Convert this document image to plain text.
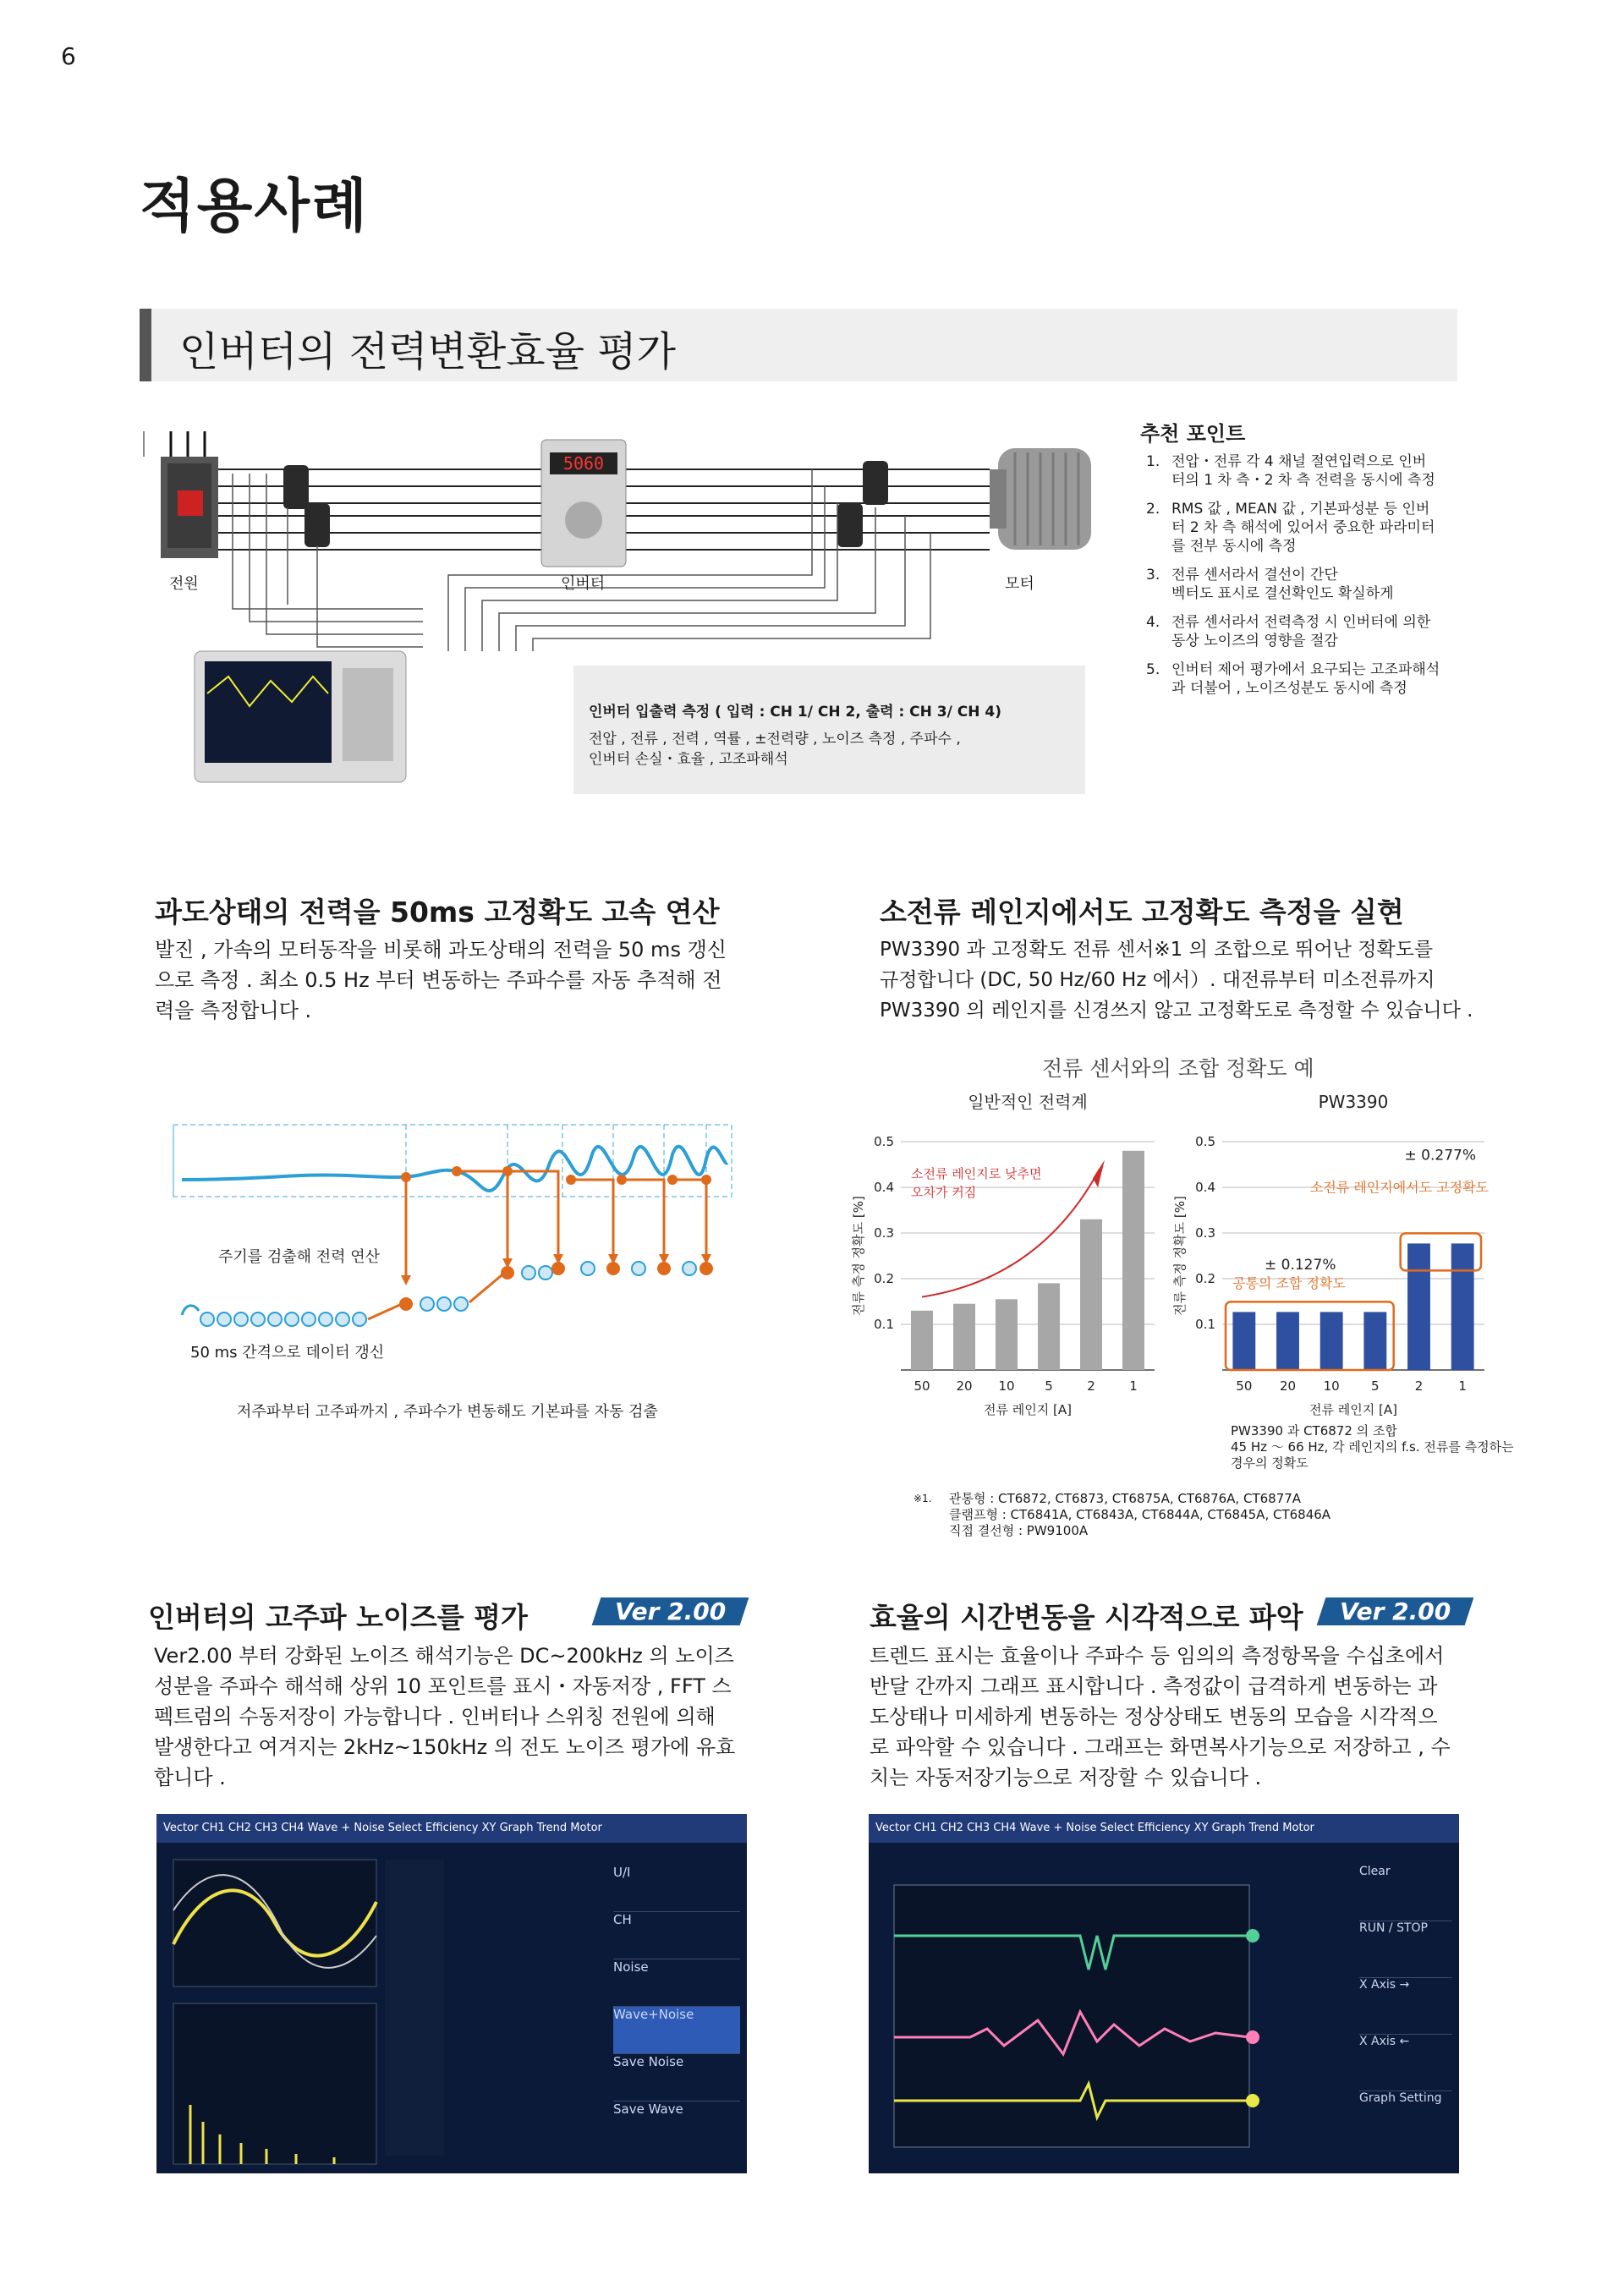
6
적용사례
인버터의 전력변환효율 평가
5060
전원	인버터	모터
인버터 입출력 측정 ( 입력 : CH 1/ CH 2, 출력 : CH 3/ CH 4)
전압 , 전류 , 전력 , 역률 , ±전력량 , 노이즈 측정 , 주파수 ,
인버터 손실・효율 , 고조파해석
추천 포인트
1. 전압・전류 각 4 채널 절연입력으로 인버
터의 1 차 측・2 차 측 전력을 동시에 측정
2. RMS 값 , MEAN 값 , 기본파성분 등 인버
터 2 차 측 해석에 있어서 중요한 파라미터
를 전부 동시에 측정
3. 전류 센서라서 결선이 간단
벡터도 표시로 결선확인도 확실하게
4. 전류 센서라서 전력측정 시 인버터에 의한
동상 노이즈의 영향을 절감
5. 인버터 제어 평가에서 요구되는 고조파해석
과 더불어 , 노이즈성분도 동시에 측정
과도상태의 전력을 50ms 고정확도 고속 연산
발진 , 가속의 모터동작을 비롯해 과도상태의 전력을 50 ms 갱신
으로 측정 . 최소 0.5 Hz 부터 변동하는 주파수를 자동 추적해 전
력을 측정합니다 .
주기를 검출해 전력 연산
50 ms 간격으로 데이터 갱신
저주파부터 고주파까지 , 주파수가 변동해도 기본파를 자동 검출
소전류 레인지에서도 고정확도 측정을 실현
PW3390 과 고정확도 전류 센서※1 의 조합으로 뛰어난 정확도를
규정합니다 (DC, 50 Hz/60 Hz 에서）. 대전류부터 미소전류까지
PW3390 의 레인지를 신경쓰지 않고 고정확도로 측정할 수 있습니다 .
전류 센서와의 조합 정확도 예
일반적인 전력계
0.1
0.2
0.3
0.4
0.5
전류 측정 정확도 [%]
50 20 10 5	2	1
전류 레인지 [A]
소전류 레인지로 낮추면
오차가 커짐
PW3390
0.1
0.2
0.3
0.4
0.5
전류 측정 정확도 [%]
50 20 10 5	2	1
전류 레인지 [A]
± 0.277%
소전류 레인지에서도 고정확도
± 0.127%
공통의 조합 정확도
PW3390 과 CT6872 의 조합
45 Hz ～ 66 Hz, 각 레인지의 f.s. 전류를 측정하는
경우의 정확도
※1. 관통형 : CT6872, CT6873, CT6875A, CT6876A, CT6877A
클램프형 : CT6841A, CT6843A, CT6844A, CT6845A, CT6846A
직접 결선형 : PW9100A
인버터의 고주파 노이즈를 평가	Ver 2.00
Ver2.00 부터 강화된 노이즈 해석기능은 DC~200kHz 의 노이즈
성분을 주파수 해석해 상위 10 포인트를 표시・자동저장 , FFT 스
펙트럼의 수동저장이 가능합니다 . 인버터나 스위칭 전원에 의해
발생한다고 여겨지는 2kHz~150kHz 의 전도 노이즈 평가에 유효
합니다 .
Vector CH1 CH2 CH3 CH4 Wave + Noise Select Efficiency XY Graph Trend Motor
U/I
CH
Noise
Wave+Noise
Save Noise
Save Wave
효율의 시간변동을 시각적으로 파악	Ver 2.00
트렌드 표시는 효율이나 주파수 등 임의의 측정항목을 수십초에서
반달 간까지 그래프 표시합니다 . 측정값이 급격하게 변동하는 과
도상태나 미세하게 변동하는 정상상태도 변동의 모습을 시각적으
로 파악할 수 있습니다 . 그래프는 화면복사기능으로 저장하고 , 수
치는 자동저장기능으로 저장할 수 있습니다 .
Vector CH1 CH2 CH3 CH4 Wave + Noise Select Efficiency XY Graph Trend Motor
Clear
RUN / STOP
X Axis →
X Axis ←
Graph Setting
